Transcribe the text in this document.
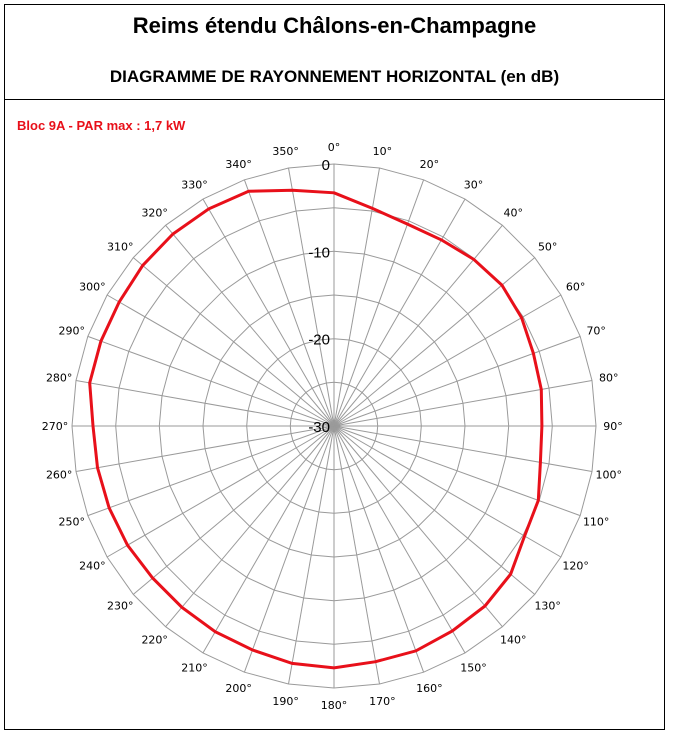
Reims étendu Châlons-en-Champagne
DIAGRAMME DE RAYONNEMENT HORIZONTAL (en dB)
Bloc 9A - PAR max : 1,7 kW
0°	10°
20°
30°
40°
50°
60°
70°
80°
90°
100°
110°
120°
130°
140°
150°
160°
170°
180°
190°
200°
210°
220°
230°
240°
250°
260°
270°
280°
290°
300°
310°
320°
330°
340°
350°
0
-10
-20
-30
